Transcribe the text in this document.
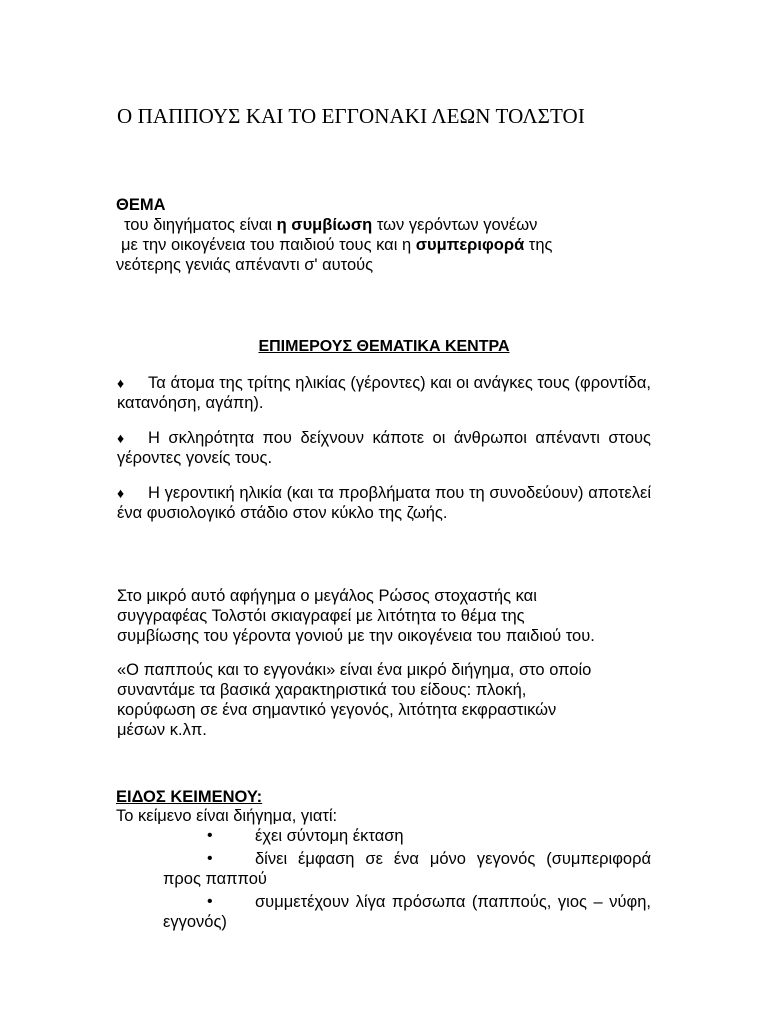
Ο ΠΑΠΠΟΥΣ ΚΑΙ ΤΟ ΕΓΓΟΝΑΚΙ ΛΕΩΝ ΤΟΛΣΤΟΙ
ΘΕΜΑ
του διηγήματος είναι η συμβίωση των γερόντων γονέων
με την οικογένεια του παιδιού τους και η συμπεριφορά της
νεότερης γενιάς απέναντι σ' αυτούς
ΕΠΙΜΕΡΟΥΣ ΘΕΜΑΤΙΚΑ ΚΕΝΤΡΑ
♦ Τα άτομα της τρίτης ηλικίας (γέροντες) και οι ανάγκες τους (φροντίδα, κατανόηση, αγάπη).
♦ Η σκληρότητα που δείχνουν κάποτε οι άνθρωποι απέναντι στους γέροντες γονείς τους.
♦ Η γεροντική ηλικία (και τα προβλήματα που τη συνοδεύουν) αποτελεί ένα φυσιολογικό στάδιο στον κύκλο της ζωής.
Στο μικρό αυτό αφήγημα ο μεγάλος Ρώσος στοχαστής και
συγγραφέας Τολστόι σκιαγραφεί με λιτότητα το θέμα της
συμβίωσης του γέροντα γονιού με την οικογένεια του παιδιού του.
«Ο παππούς και το εγγονάκι» είναι ένα μικρό διήγημα, στο οποίο
συναντάμε τα βασικά χαρακτηριστικά του είδους: πλοκή,
κορύφωση σε ένα σημαντικό γεγονός, λιτότητα εκφραστικών
μέσων κ.λπ.
ΕΙΔΟΣ ΚΕΙΜΕΝΟΥ:
Το κείμενο είναι διήγημα, γιατί:
•	έχει σύντομη έκταση
•	δίνει έμφαση σε ένα μόνο γεγονός (συμπεριφορά προς παππού
•	συμμετέχουν λίγα πρόσωπα (παππούς, γιος – νύφη, εγγονός)
